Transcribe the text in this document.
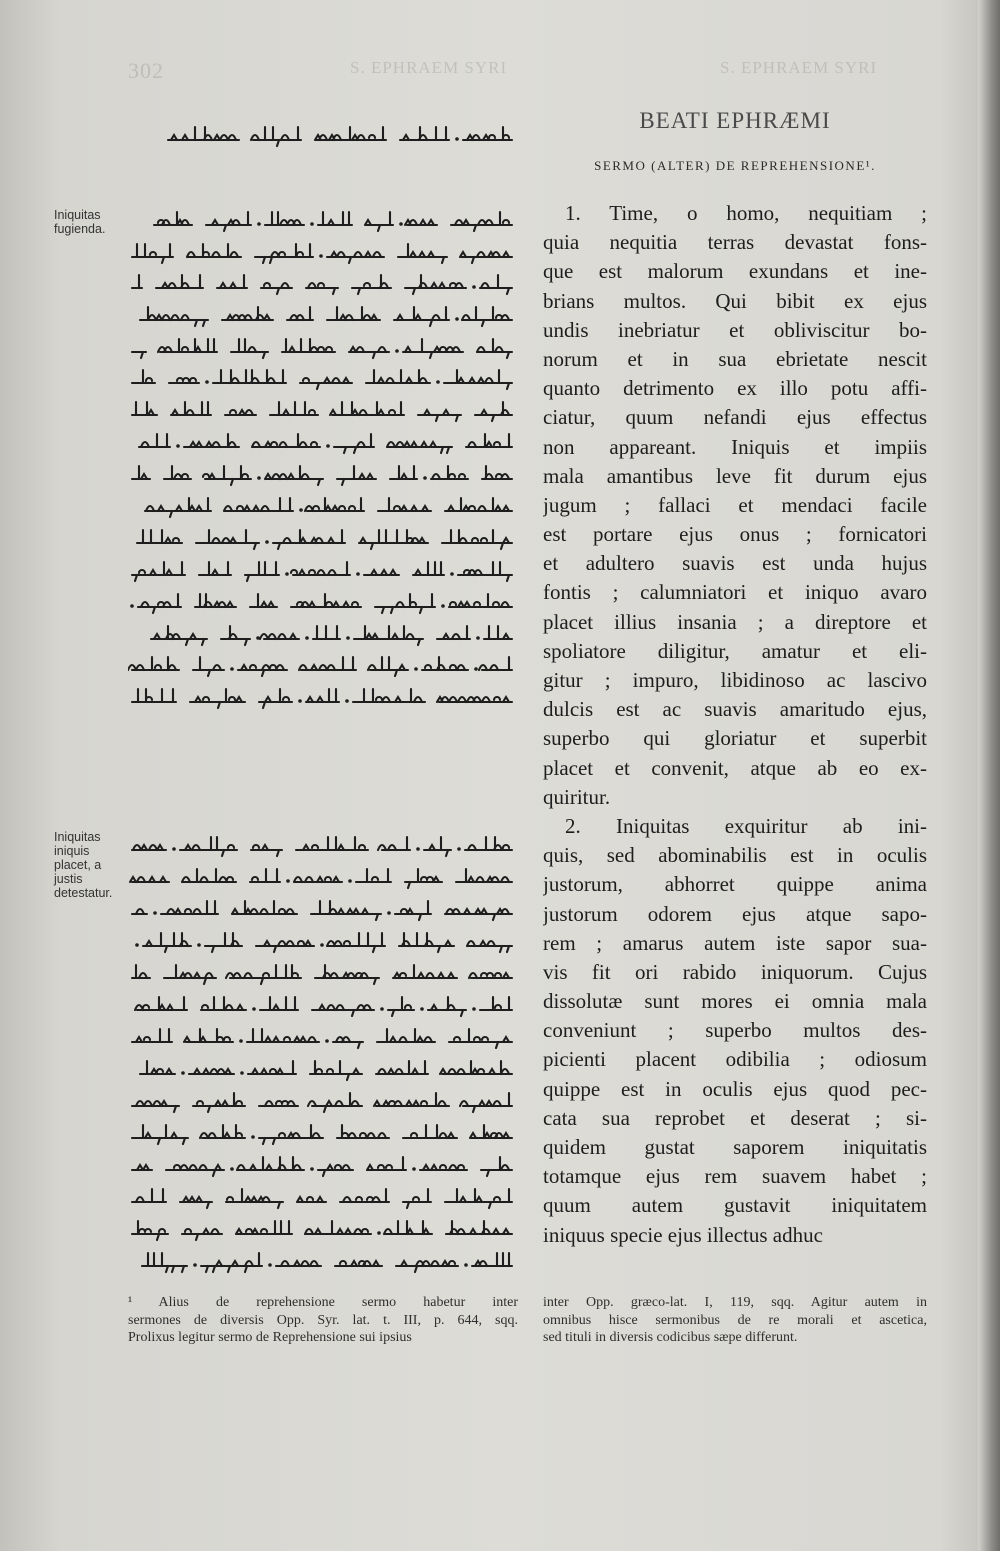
302	S. EPHRAEM SYRI	S. EPHRAEM SYRI
Iniquitas fugienda.
Iniquitas iniquis placet, a justis detestatur.
BEATI EPHRÆMI
SERMO (ALTER) DE REPREHENSIONE¹.
1. Time, o homo, nequitiam ;
quia nequitia terras devastat fons-
que est malorum exundans et ine-
brians multos. Qui bibit ex ejus
undis inebriatur et obliviscitur bo-
norum et in sua ebrietate nescit
quanto detrimento ex illo potu affi-
ciatur, quum nefandi ejus effectus
non appareant. Iniquis et impiis
mala amantibus leve fit durum ejus
jugum ; fallaci et mendaci facile
est portare ejus onus ; fornicatori
et adultero suavis est unda hujus
fontis ; calumniatori et iniquo avaro
placet illius insania ; a direptore et
spoliatore diligitur, amatur et eli-
gitur ; impuro, libidinoso ac lascivo
dulcis est ac suavis amaritudo ejus,
superbo qui gloriatur et superbit
placet et convenit, atque ab eo ex-
quiritur.
2. Iniquitas exquiritur ab ini-
quis, sed abominabilis est in oculis
justorum, abhorret quippe anima
justorum odorem ejus atque sapo-
rem ; amarus autem iste sapor sua-
vis fit ori rabido iniquorum. Cujus
dissolutæ sunt mores ei omnia mala
conveniunt ; superbo multos des-
picienti placent odibilia ; odiosum
quippe est in oculis ejus quod pec-
cata sua reprobet et deserat ; si-
quidem gustat saporem iniquitatis
totamque ejus rem suavem habet ;
quum autem gustavit iniquitatem
iniquus specie ejus illectus adhuc
¹ Alius de reprehensione sermo habetur inter
sermones de diversis Opp. Syr. lat. t. III, p. 644, sqq.
Prolixus legitur sermo de Reprehensione sui ipsius
inter Opp. græco-lat. I, 119, sqq. Agitur autem in
omnibus hisce sermonibus de re morali et ascetica,
sed tituli in diversis codicibus sæpe differunt.
